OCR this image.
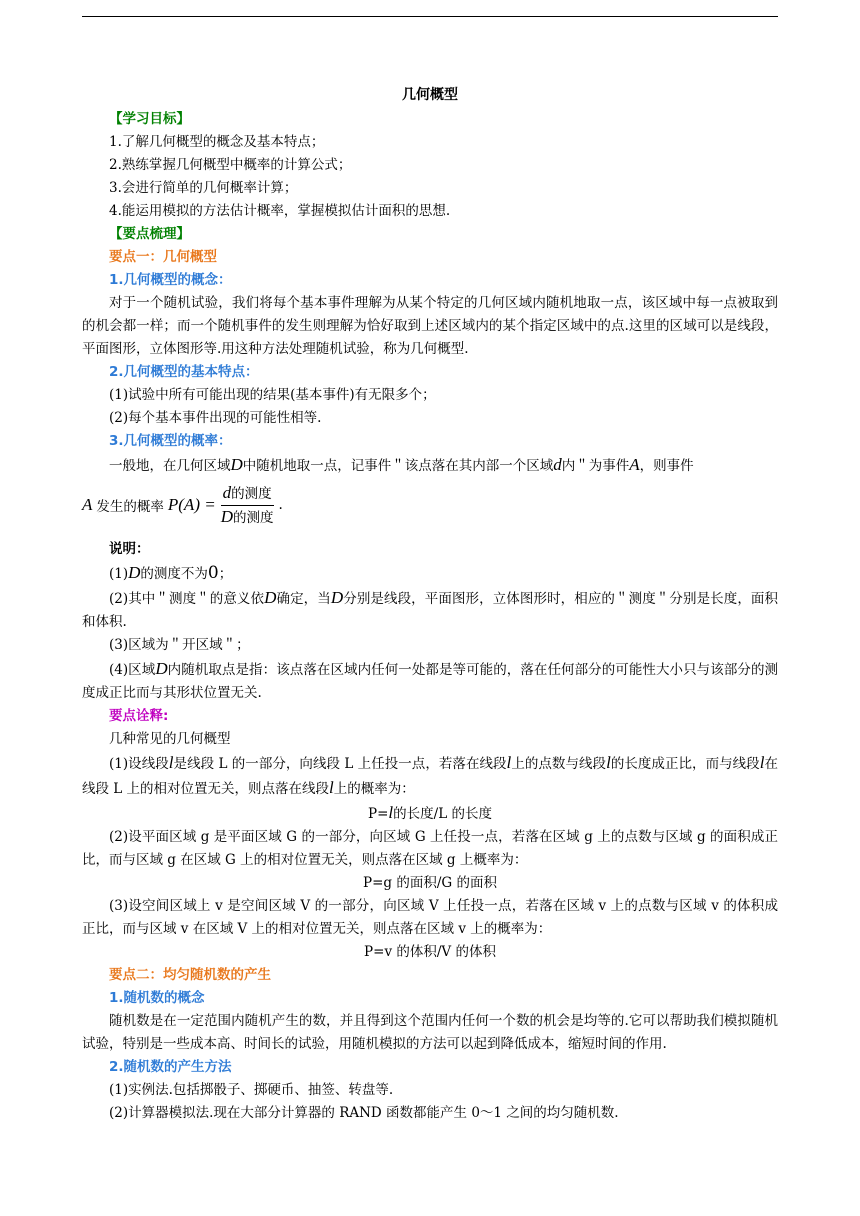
几何概型
【学习目标】
1.了解几何概型的概念及基本特点；
2.熟练掌握几何概型中概率的计算公式；
3.会进行简单的几何概率计算；
4.能运用模拟的方法估计概率，掌握模拟估计面积的思想.
【要点梳理】
要点一：几何概型
1.几何概型的概念：
对于一个随机试验，我们将每个基本事件理解为从某个特定的几何区域内随机地取一点，该区域中每一点被取到的机会都一样；而一个随机事件的发生则理解为恰好取到上述区域内的某个指定区域中的点.这里的区域可以是线段，平面图形，立体图形等.用这种方法处理随机试验，称为几何概型.
2.几何概型的基本特点：
(1)试验中所有可能出现的结果(基本事件)有无限多个；
(2)每个基本事件出现的可能性相等.
3.几何概型的概率：
一般地，在几何区域D中随机地取一点，记事件＂该点落在其内部一个区域d内＂为事件A，则事件
A 发生的概率 $P(A) = \frac{\text{d的测度}}{\text{D的测度}}$ .
说明：
(1)D的测度不为0；
(2)其中＂测度＂的意义依D确定，当D分别是线段，平面图形，立体图形时，相应的＂测度＂分别是长度，面积和体积.
(3)区域为＂开区域＂；
(4)区域D内随机取点是指：该点落在区域内任何一处都是等可能的，落在任何部分的可能性大小只与该部分的测度成正比而与其形状位置无关.
要点诠释:
几种常见的几何概型
(1)设线段l是线段 L 的一部分，向线段 L 上任投一点，若落在线段l上的点数与线段l的长度成正比，而与线段l在线段 L 上的相对位置无关，则点落在线段l上的概率为：
P=l的长度/L 的长度
(2)设平面区域 g 是平面区域 G 的一部分，向区域 G 上任投一点，若落在区域 g 上的点数与区域 g 的面积成正比，而与区域 g 在区域 G 上的相对位置无关，则点落在区域 g 上概率为：
P=g 的面积/G 的面积
(3)设空间区域上 v 是空间区域 V 的一部分，向区域 V 上任投一点，若落在区域 v 上的点数与区域 v 的体积成正比，而与区域 v 在区域 V 上的相对位置无关，则点落在区域 v 上的概率为：
P=v 的体积/V 的体积
要点二：均匀随机数的产生
1.随机数的概念
随机数是在一定范围内随机产生的数，并且得到这个范围内任何一个数的机会是均等的.它可以帮助我们模拟随机试验，特别是一些成本高、时间长的试验，用随机模拟的方法可以起到降低成本，缩短时间的作用.
2.随机数的产生方法
(1)实例法.包括掷骰子、掷硬币、抽签、转盘等.
(2)计算器模拟法.现在大部分计算器的 RAND 函数都能产生 0～1 之间的均匀随机数.
